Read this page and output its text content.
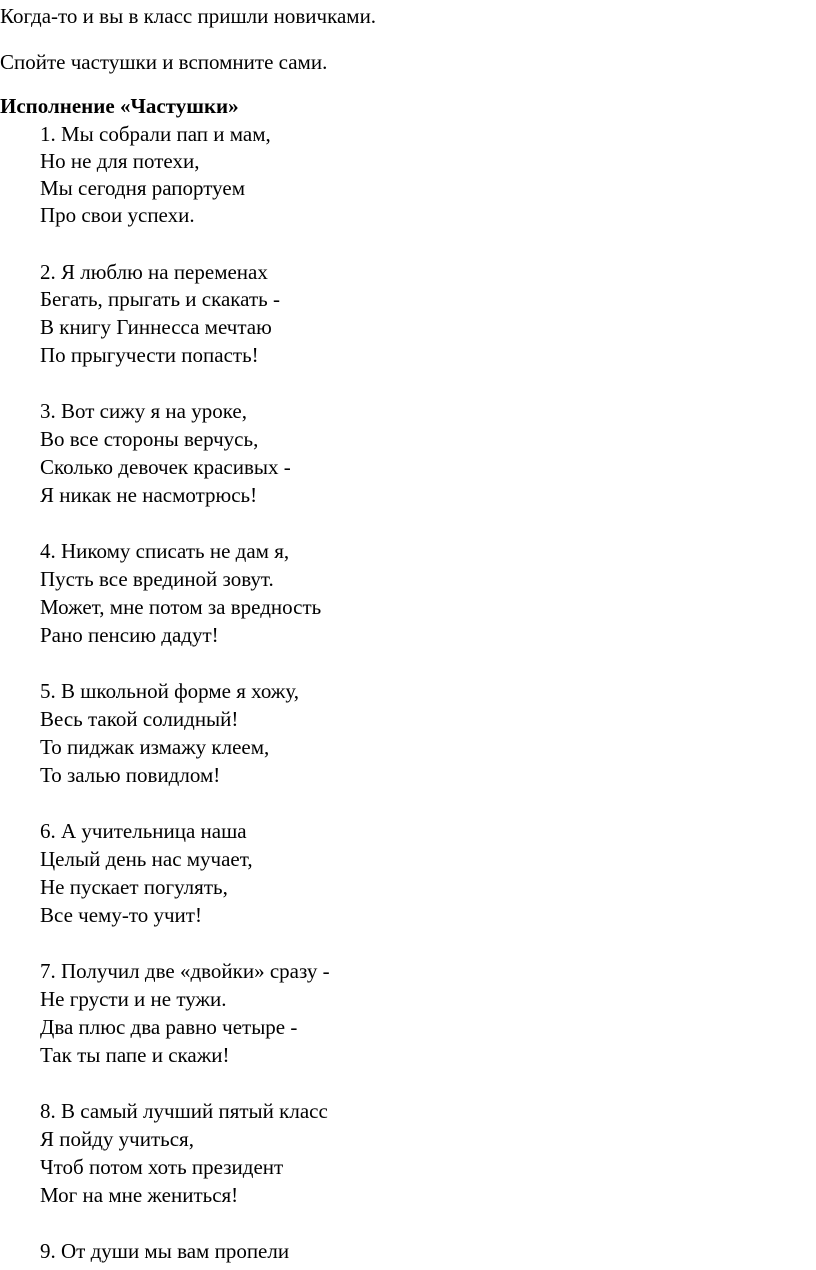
Когда-то и вы в класс пришли новичками.
Спойте частушки и вспомните сами.
Исполнение «Частушки»
1. Мы собрали пап и мам,
Но не для потехи,
Мы сегодня рапортуем
Про свои успехи.
2. Я люблю на переменах
Бегать, прыгать и скакать -
В книгу Гиннесса мечтаю
По прыгучести попасть!
3. Вот сижу я на уроке,
Во все стороны верчусь,
Сколько девочек красивых -
Я никак не насмотрюсь!
4. Никому списать не дам я,
Пусть все врединой зовут.
Может, мне потом за вредность
Рано пенсию дадут!
5. В школьной форме я хожу,
Весь такой солидный!
То пиджак измажу клеем,
То залью повидлом!
6. А учительница наша
Целый день нас мучает,
Не пускает погулять,
Все чему-то учит!
7. Получил две «двойки» сразу -
Не грусти и не тужи.
Два плюс два равно четыре -
Так ты папе и скажи!
8. В самый лучший пятый класс
Я пойду учиться,
Чтоб потом хоть президент
Мог на мне жениться!
9. От души мы вам пропели
